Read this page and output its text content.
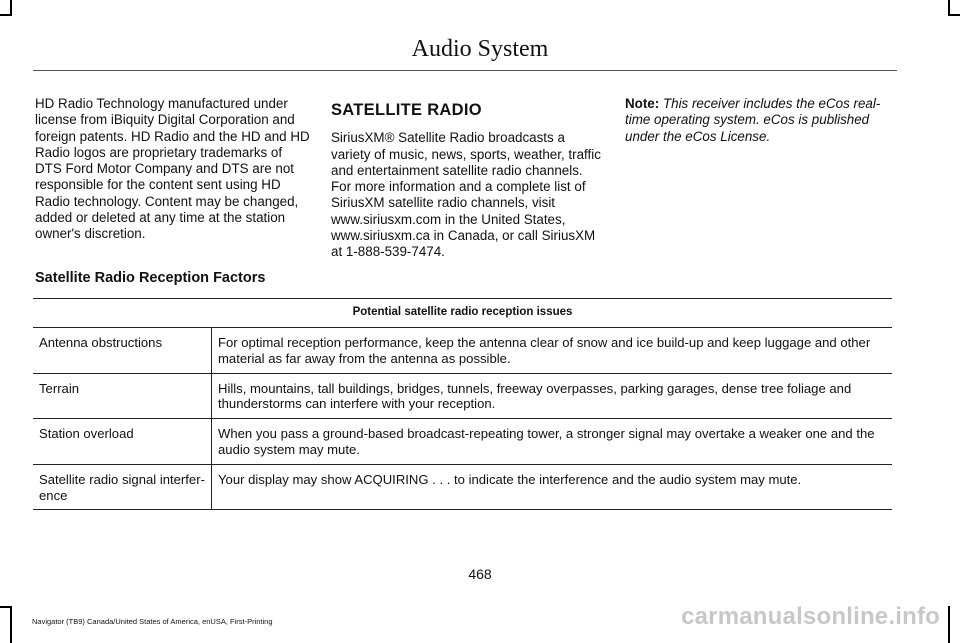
Audio System

HD Radio Technology manufactured under license from iBiquity Digital Corporation and foreign patents. HD Radio and the HD and HD Radio logos are proprietary trademarks of DTS Ford Motor Company and DTS are not responsible for the content sent using HD Radio technology. Content may be changed, added or deleted at any time at the station owner's discretion.

SATELLITE RADIO

SiriusXM® Satellite Radio broadcasts a variety of music, news, sports, weather, traffic and entertainment satellite radio channels. For more information and a complete list of SiriusXM satellite radio channels, visit www.siriusxm.com in the United States, www.siriusxm.ca in Canada, or call SiriusXM at 1-888-539-7474.

Note: This receiver includes the eCos real-time operating system. eCos is published under the eCos License.

Satellite Radio Reception Factors
Potential satellite radio reception issues	
Antenna obstructions	For optimal reception performance, keep the antenna clear of snow and ice build-up and keep luggage and other material as far away from the antenna as possible.
Terrain	Hills, mountains, tall buildings, bridges, tunnels, freeway overpasses, parking garages, dense tree foliage and thunderstorms can interfere with your reception.
Station overload	When you pass a ground-based broadcast-repeating tower, a stronger signal may overtake a weaker one and the audio system may mute.
Satellite radio signal interfer-ence	Your display may show ACQUIRING . . . to indicate the interference and the audio system may mute.
468
Navigator (TB9) Canada/United States of America, enUSA, First-Printing	carmanualsonline.info
